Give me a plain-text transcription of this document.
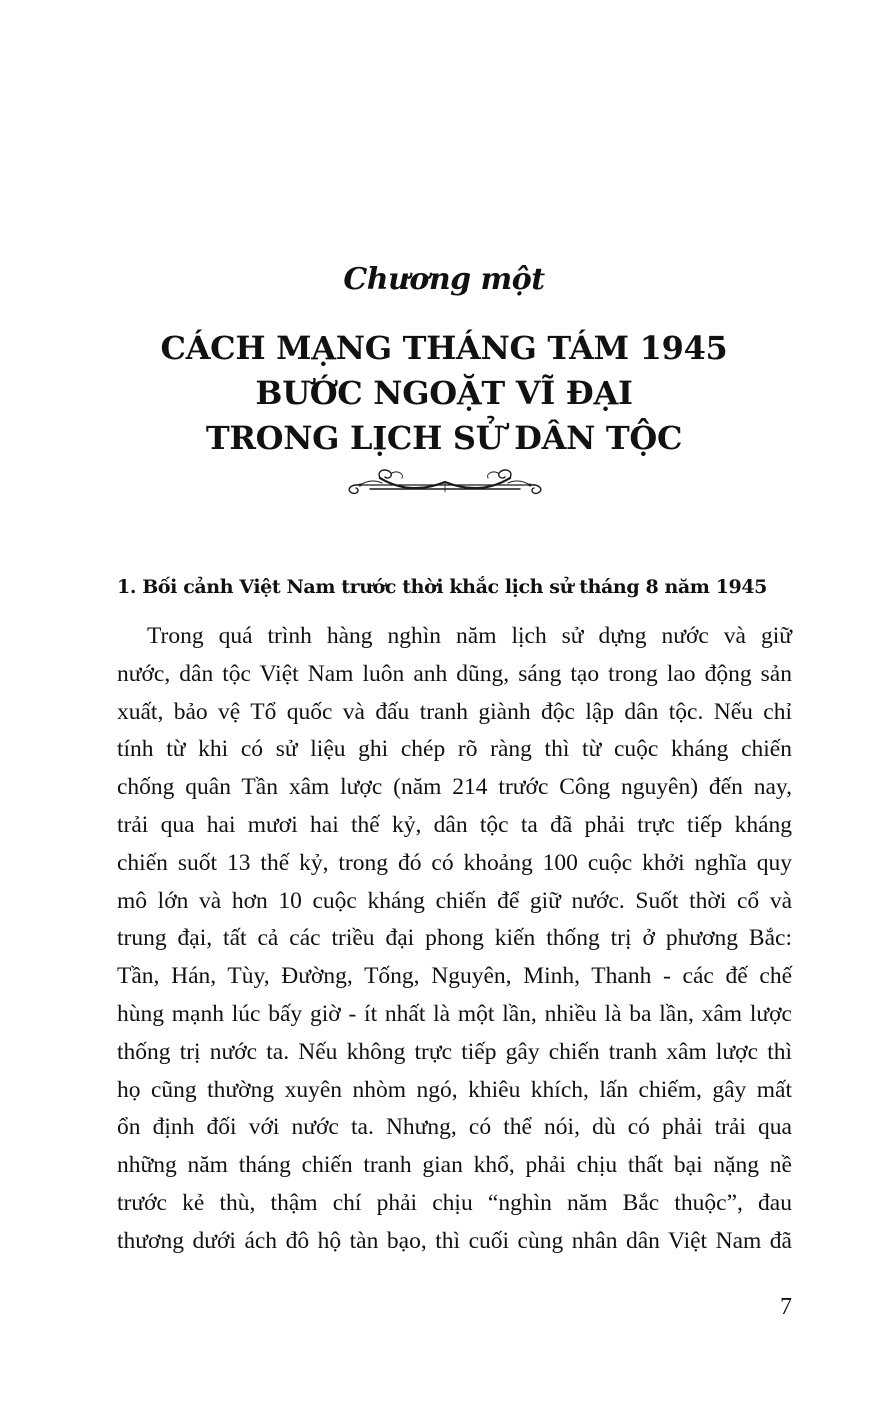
Chương một
CÁCH MẠNG THÁNG TÁM 1945
BƯỚC NGOẶT VĨ ĐẠI
TRONG LỊCH SỬ DÂN TỘC
1. Bối cảnh Việt Nam trước thời khắc lịch sử tháng 8 năm 1945
Trong quá trình hàng nghìn năm lịch sử dựng nước và giữ
nước, dân tộc Việt Nam luôn anh dũng, sáng tạo trong lao động sản
xuất, bảo vệ Tổ quốc và đấu tranh giành độc lập dân tộc. Nếu chỉ
tính từ khi có sử liệu ghi chép rõ ràng thì từ cuộc kháng chiến
chống quân Tần xâm lược (năm 214 trước Công nguyên) đến nay,
trải qua hai mươi hai thế kỷ, dân tộc ta đã phải trực tiếp kháng
chiến suốt 13 thế kỷ, trong đó có khoảng 100 cuộc khởi nghĩa quy
mô lớn và hơn 10 cuộc kháng chiến để giữ nước. Suốt thời cổ và
trung đại, tất cả các triều đại phong kiến thống trị ở phương Bắc:
Tần, Hán, Tùy, Đường, Tống, Nguyên, Minh, Thanh - các đế chế
hùng mạnh lúc bấy giờ - ít nhất là một lần, nhiều là ba lần, xâm lược
thống trị nước ta. Nếu không trực tiếp gây chiến tranh xâm lược thì
họ cũng thường xuyên nhòm ngó, khiêu khích, lấn chiếm, gây mất
ổn định đối với nước ta. Nhưng, có thể nói, dù có phải trải qua
những năm tháng chiến tranh gian khổ, phải chịu thất bại nặng nề
trước kẻ thù, thậm chí phải chịu “nghìn năm Bắc thuộc”, đau
thương dưới ách đô hộ tàn bạo, thì cuối cùng nhân dân Việt Nam đã
7
